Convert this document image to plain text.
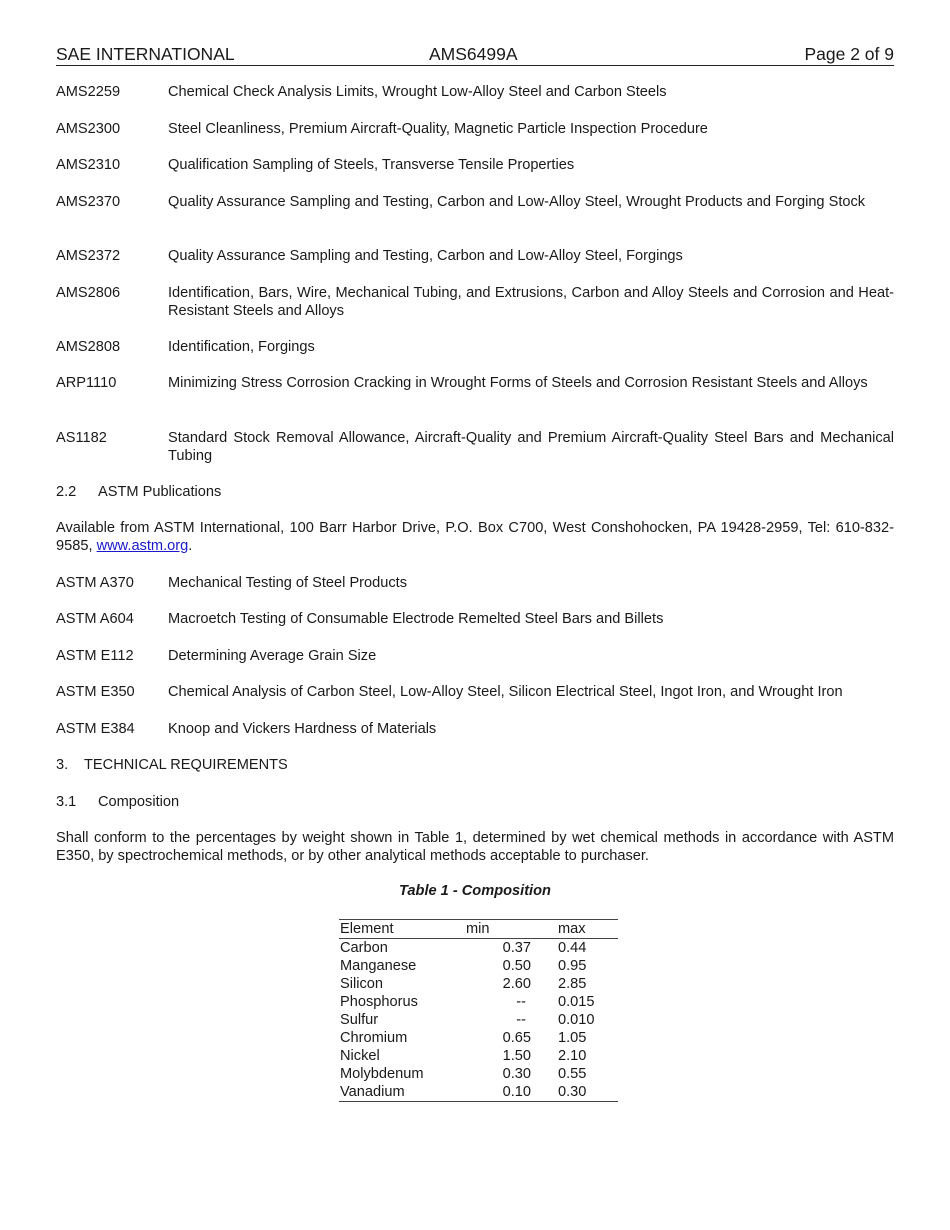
SAE INTERNATIONAL	AMS6499A	Page 2 of 9
AMS2259	Chemical Check Analysis Limits, Wrought Low-Alloy Steel and Carbon Steels
AMS2300	Steel Cleanliness, Premium Aircraft-Quality, Magnetic Particle Inspection Procedure
AMS2310	Qualification Sampling of Steels, Transverse Tensile Properties
AMS2370	Quality Assurance Sampling and Testing, Carbon and Low-Alloy Steel, Wrought Products and Forging Stock
AMS2372	Quality Assurance Sampling and Testing, Carbon and Low-Alloy Steel, Forgings
AMS2806	Identification, Bars, Wire, Mechanical Tubing, and Extrusions, Carbon and Alloy Steels and Corrosion and Heat-Resistant Steels and Alloys
AMS2808	Identification, Forgings
ARP1110	Minimizing Stress Corrosion Cracking in Wrought Forms of Steels and Corrosion Resistant Steels and Alloys
AS1182	Standard Stock Removal Allowance, Aircraft-Quality and Premium Aircraft-Quality Steel Bars and Mechanical Tubing
2.2 ASTM Publications
Available from ASTM International, 100 Barr Harbor Drive, P.O. Box C700, West Conshohocken, PA 19428-2959, Tel: 610-832-9585, www.astm.org.
ASTM A370 Mechanical Testing of Steel Products
ASTM A604 Macroetch Testing of Consumable Electrode Remelted Steel Bars and Billets
ASTM E112 Determining Average Grain Size
ASTM E350 Chemical Analysis of Carbon Steel, Low-Alloy Steel, Silicon Electrical Steel, Ingot Iron, and Wrought Iron
ASTM E384 Knoop and Vickers Hardness of Materials
3. TECHNICAL REQUIREMENTS
3.1 Composition
Shall conform to the percentages by weight shown in Table 1, determined by wet chemical methods in accordance with ASTM E350, by spectrochemical methods, or by other analytical methods acceptable to purchaser.
Table 1 - Composition
Element	min	max
Carbon	0.37	0.44
Manganese	0.50	0.95
Silicon	2.60	2.85
Phosphorus	--	0.015
Sulfur	--	0.010
Chromium	0.65	1.05
Nickel	1.50	2.10
Molybdenum	0.30	0.55
Vanadium	0.10	0.30
